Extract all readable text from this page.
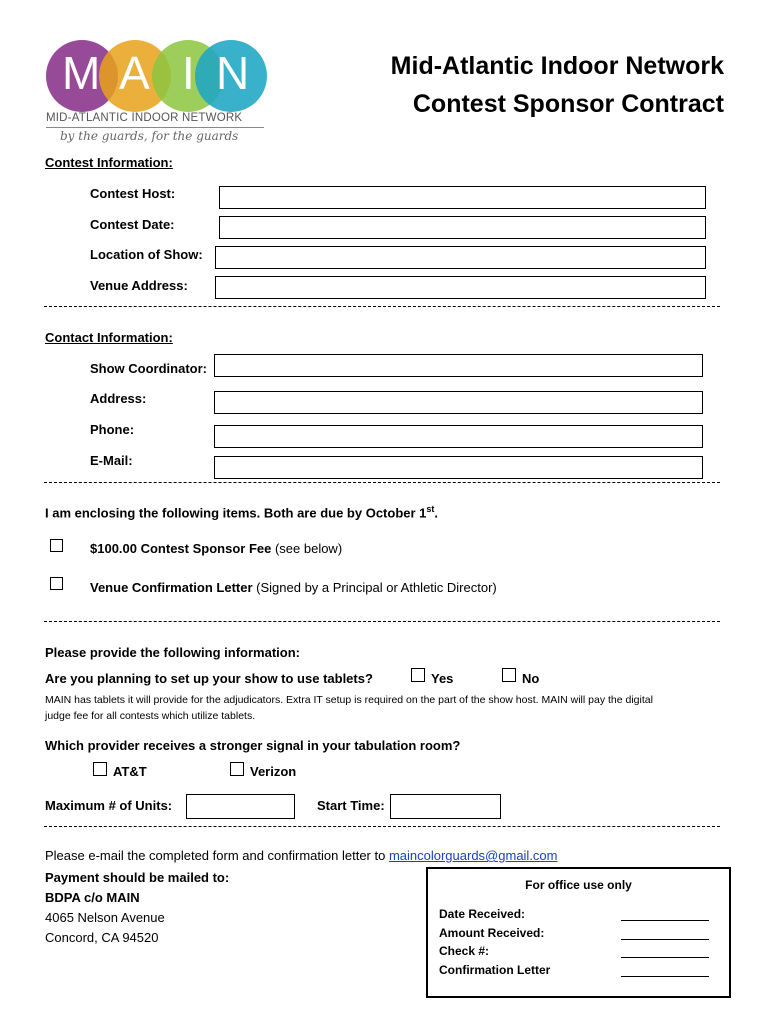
M A I N
MID-ATLANTIC INDOOR NETWORK
by the guards, for the guards
Mid-Atlantic Indoor Network
Contest Sponsor Contract
Contest Information:
Contest Host:
Contest Date:
Location of Show:
Venue Address:
Contact Information:
Show Coordinator:
Address:
Phone:
E-Mail:
I am enclosing the following items. Both are due by October 1st.
$100.00 Contest Sponsor Fee (see below)
Venue Confirmation Letter (Signed by a Principal or Athletic Director)
Please provide the following information:
Are you planning to set up your show to use tablets?	Yes	No
MAIN has tablets it will provide for the adjudicators. Extra IT setup is required on the part of the show host. MAIN will pay the digital
judge fee for all contests which utilize tablets.
Which provider receives a stronger signal in your tabulation room?
AT&T	Verizon
Maximum # of Units:	Start Time:
Please e-mail the completed form and confirmation letter to maincolorguards@gmail.com
Payment should be mailed to:
BDPA c/o MAIN
4065 Nelson Avenue
Concord, CA 94520
For office use only
Date Received:
Amount Received:
Check #:
Confirmation Letter
